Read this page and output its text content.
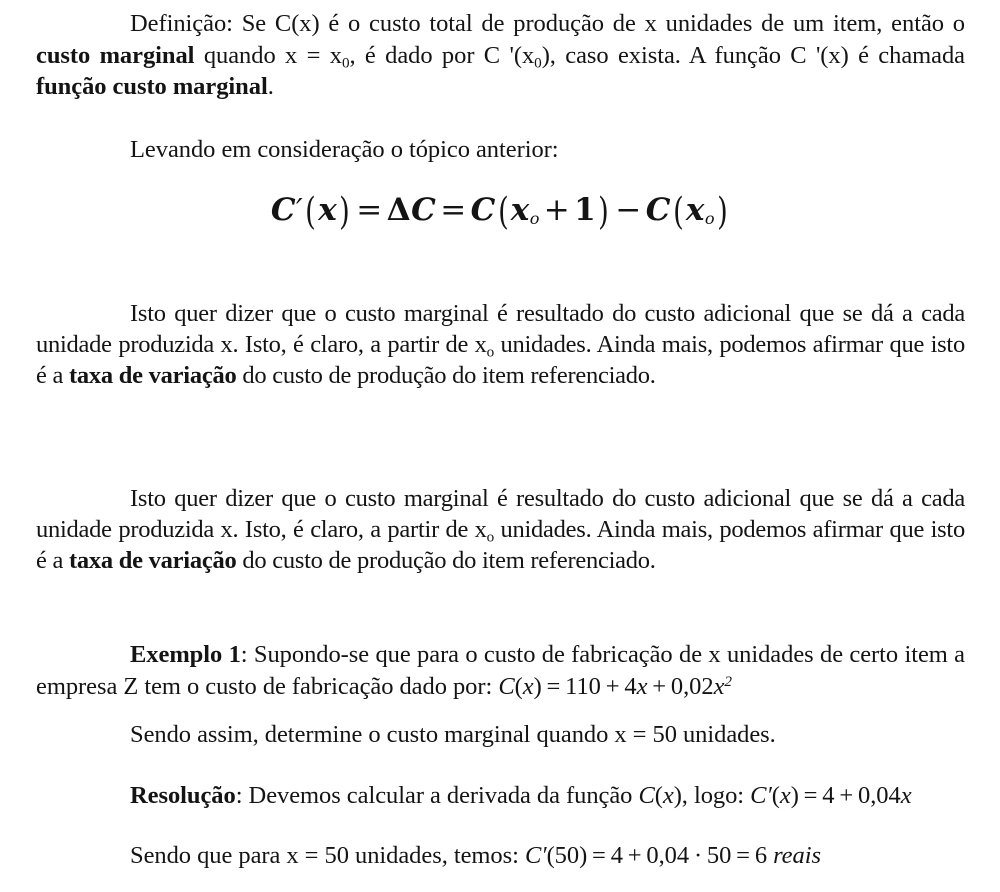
Definição: Se C(x) é o custo total de produção de x unidades de um item, então o custo marginal quando $x = x_0$, é dado por C '$(x_0)$, caso exista. A função C '(x) é chamada função custo marginal.

Levando em consideração o tópico anterior:

$C'(x) = \Delta C = C(x_o + 1) - C(x_o)$

Isto quer dizer que o custo marginal é resultado do custo adicional que se dá a cada unidade produzida x. Isto, é claro, a partir de $x_o$ unidades. Ainda mais, podemos afirmar que isto é a taxa de variação do custo de produção do item referenciado.

Isto quer dizer que o custo marginal é resultado do custo adicional que se dá a cada unidade produzida x. Isto, é claro, a partir de $x_o$ unidades. Ainda mais, podemos afirmar que isto é a taxa de variação do custo de produção do item referenciado.

Exemplo 1: Supondo-se que para o custo de fabricação de x unidades de certo item a empresa Z tem o custo de fabricação dado por: $C(x) = 110 + 4x + 0,02x^2$

Sendo assim, determine o custo marginal quando x = 50 unidades.

Resolução: Devemos calcular a derivada da função C(x), logo: C′(x)  =  4  +  0,04x

Sendo que para x = 50 unidades, temos: C′(50)  =  4  +  0,04  ·  50  =  6 reais
